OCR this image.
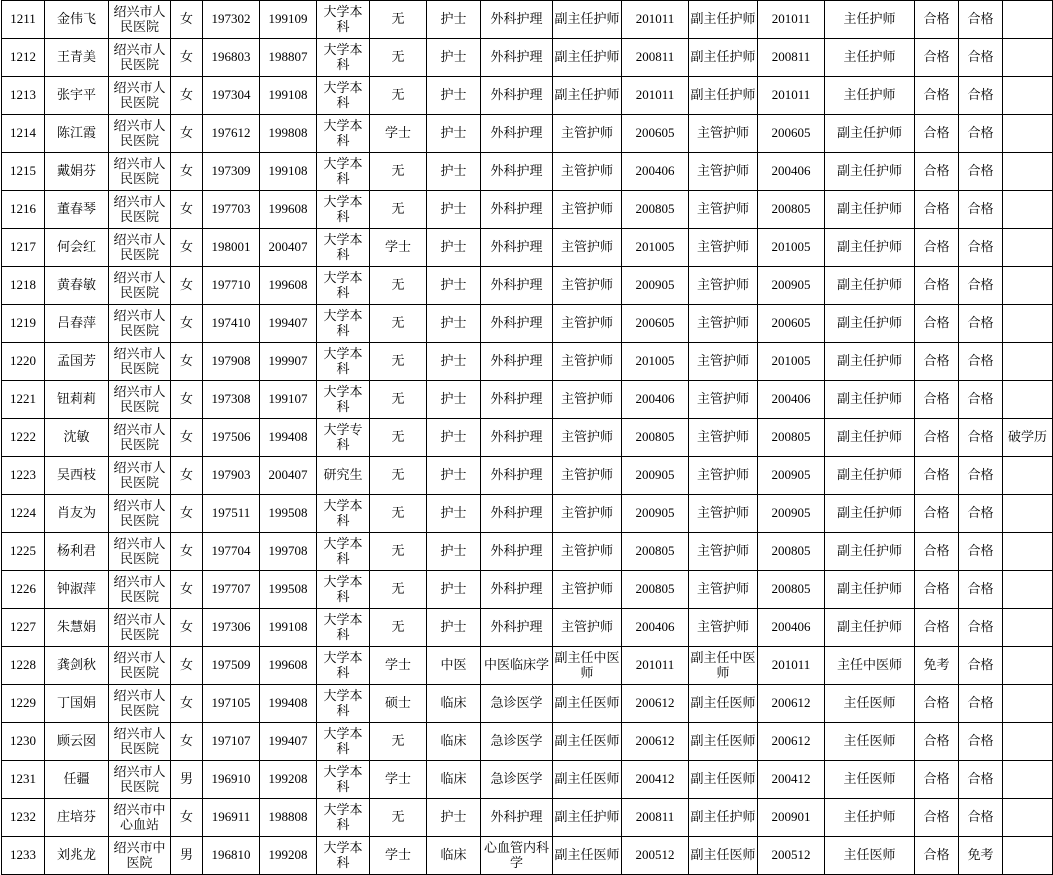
1211	金伟飞	绍兴市人民医院	女	197302	199109	大学本科	无	护士	外科护理	副主任护师	201011	副主任护师	201011	主任护师	合格	合格	

1212	王青美	绍兴市人民医院	女	196803	198807	大学本科	无	护士	外科护理	副主任护师	200811	副主任护师	200811	主任护师	合格	合格	

1213	张宇平	绍兴市人民医院	女	197304	199108	大学本科	无	护士	外科护理	副主任护师	201011	副主任护师	201011	主任护师	合格	合格	

1214	陈江霞	绍兴市人民医院	女	197612	199808	大学本科	学士	护士	外科护理	主管护师	200605	主管护师	200605	副主任护师	合格	合格	

1215	戴娟芬	绍兴市人民医院	女	197309	199108	大学本科	无	护士	外科护理	主管护师	200406	主管护师	200406	副主任护师	合格	合格	

1216	董春琴	绍兴市人民医院	女	197703	199608	大学本科	无	护士	外科护理	主管护师	200805	主管护师	200805	副主任护师	合格	合格	

1217	何会红	绍兴市人民医院	女	198001	200407	大学本科	学士	护士	外科护理	主管护师	201005	主管护师	201005	副主任护师	合格	合格	

1218	黄春敏	绍兴市人民医院	女	197710	199608	大学本科	无	护士	外科护理	主管护师	200905	主管护师	200905	副主任护师	合格	合格	

1219	吕春萍	绍兴市人民医院	女	197410	199407	大学本科	无	护士	外科护理	主管护师	200605	主管护师	200605	副主任护师	合格	合格	

1220	孟国芳	绍兴市人民医院	女	197908	199907	大学本科	无	护士	外科护理	主管护师	201005	主管护师	201005	副主任护师	合格	合格	

1221	钮莉莉	绍兴市人民医院	女	197308	199107	大学本科	无	护士	外科护理	主管护师	200406	主管护师	200406	副主任护师	合格	合格	

1222	沈敏	绍兴市人民医院	女	197506	199408	大学专科	无	护士	外科护理	主管护师	200805	主管护师	200805	副主任护师	合格	合格	破学历

1223	吴西枝	绍兴市人民医院	女	197903	200407	研究生	无	护士	外科护理	主管护师	200905	主管护师	200905	副主任护师	合格	合格	

1224	肖友为	绍兴市人民医院	女	197511	199508	大学本科	无	护士	外科护理	主管护师	200905	主管护师	200905	副主任护师	合格	合格	

1225	杨利君	绍兴市人民医院	女	197704	199708	大学本科	无	护士	外科护理	主管护师	200805	主管护师	200805	副主任护师	合格	合格	

1226	钟淑萍	绍兴市人民医院	女	197707	199508	大学本科	无	护士	外科护理	主管护师	200805	主管护师	200805	副主任护师	合格	合格	

1227	朱慧娟	绍兴市人民医院	女	197306	199108	大学本科	无	护士	外科护理	主管护师	200406	主管护师	200406	副主任护师	合格	合格	

1228	龚剑秋	绍兴市人民医院	女	197509	199608	大学本科	学士	中医	中医临床学	副主任中医师	201011	副主任中医师	201011	主任中医师	免考	合格	

1229	丁国娟	绍兴市人民医院	女	197105	199408	大学本科	硕士	临床	急诊医学	副主任医师	200612	副主任医师	200612	主任医师	合格	合格	

1230	顾云囡	绍兴市人民医院	女	197107	199407	大学本科	无	临床	急诊医学	副主任医师	200612	副主任医师	200612	主任医师	合格	合格	

1231	任疆	绍兴市人民医院	男	196910	199208	大学本科	学士	临床	急诊医学	副主任医师	200412	副主任医师	200412	主任医师	合格	合格	

1232	庄培芬	绍兴市中心血站	女	196911	198808	大学本科	无	护士	外科护理	副主任护师	200811	副主任护师	200901	主任护师	合格	合格	

1233	刘兆龙	绍兴市中医院	男	196810	199208	大学本科	学士	临床	心血管内科学	副主任医师	200512	副主任医师	200512	主任医师	合格	免考	
